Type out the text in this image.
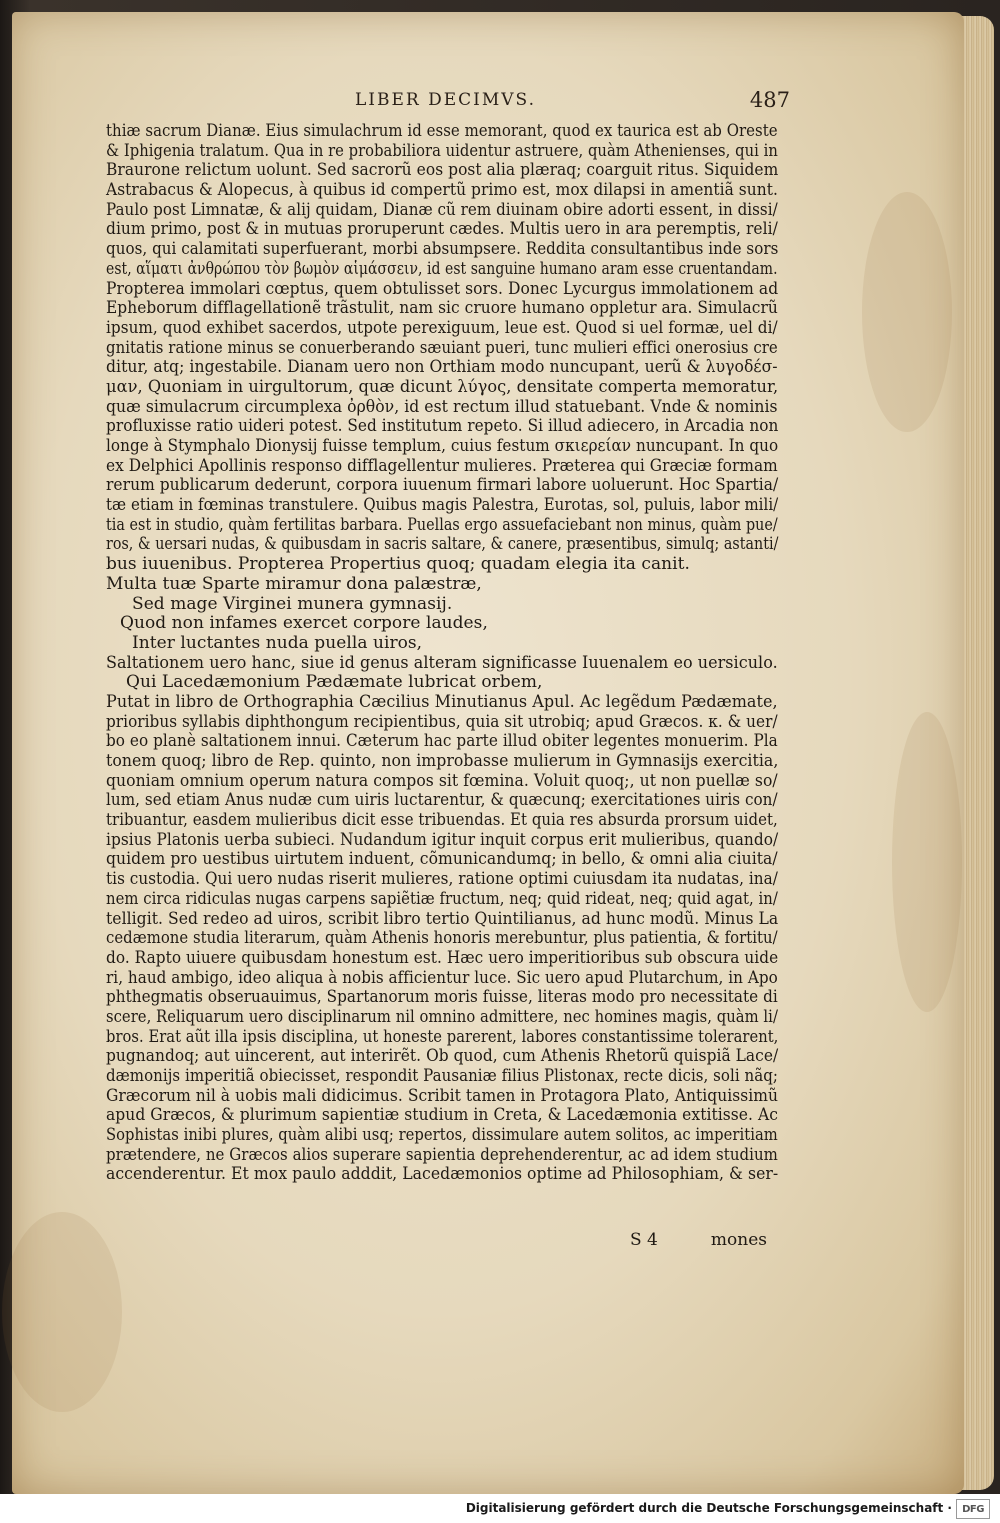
LIBER DECIMVS.	487
thiæ sacrum Dianæ. Eius simulachrum id esse memorant, quod ex taurica est ab Oreste
& Iphigenia tralatum. Qua in re probabiliora uidentur astruere, quàm Athenienses, qui in
Braurone relictum uolunt. Sed sacrorũ eos post alia plæraq; coarguit ritus. Siquidem
Astrabacus & Alopecus, à quibus id compertũ primo est, mox dilapsi in amentiã sunt.
Paulo post Limnatæ, & alij quidam, Dianæ cũ rem diuinam obire adorti essent, in dissi/
dium primo, post & in mutuas proruperunt cædes. Multis uero in ara peremptis, reli/
quos, qui calamitati superfuerant, morbi absumpsere. Reddita consultantibus inde sors
est, αἵματι ἀνθρώπου τὸν βωμὸν αἱμάσσειν, id est sanguine humano aram esse cruentandam.
Propterea immolari cœptus, quem obtulisset sors. Donec Lycurgus immolationem ad
Epheborum difflagellationẽ trãstulit, nam sic cruore humano oppletur ara. Simulacrũ
ipsum, quod exhibet sacerdos, utpote perexiguum, leue est. Quod si uel formæ, uel di/
gnitatis ratione minus se conuerberando sæuiant pueri, tunc mulieri effici onerosius cre
ditur, atq; ingestabile. Dianam uero non Orthiam modo nuncupant, uerũ & λυγοδέσ-
μαν, Quoniam in uirgultorum, quæ dicunt λύγος, densitate comperta memoratur,
quæ simulacrum circumplexa ὀρθὸν, id est rectum illud statuebant. Vnde & nominis
profluxisse ratio uideri potest. Sed institutum repeto. Si illud adiecero, in Arcadia non
longe à Stymphalo Dionysij fuisse templum, cuius festum σκιερείαν nuncupant. In quo
ex Delphici Apollinis responso difflagellentur mulieres. Præterea qui Græciæ formam
rerum publicarum dederunt, corpora iuuenum firmari labore uoluerunt. Hoc Spartia/
tæ etiam in fœminas transtulere. Quibus magis Palestra, Eurotas, sol, puluis, labor mili/
tia est in studio, quàm fertilitas barbara. Puellas ergo assuefaciebant non minus, quàm pue/
ros, & uersari nudas, & quibusdam in sacris saltare, & canere, præsentibus, simulq; astanti/
bus iuuenibus. Propterea Propertius quoq; quadam elegia ita canit.
Multa tuæ Sparte miramur dona palæstræ,
Sed mage Virginei munera gymnasij.
Quod non infames exercet corpore laudes,
Inter luctantes nuda puella uiros,
Saltationem uero hanc, siue id genus alteram significasse Iuuenalem eo uersiculo.
Qui Lacedæmonium Pædæmate lubricat orbem,
Putat in libro de Orthographia Cæcilius Minutianus Apul. Ac legẽdum Pædæmate,
prioribus syllabis diphthongum recipientibus, quia sit utrobiq; apud Græcos. κ. & uer/
bo eo planè saltationem innui. Cæterum hac parte illud obiter legentes monuerim. Pla
tonem quoq; libro de Rep. quinto, non improbasse mulierum in Gymnasijs exercitia,
quoniam omnium operum natura compos sit fœmina. Voluit quoq;, ut non puellæ so/
lum, sed etiam Anus nudæ cum uiris luctarentur, & quæcunq; exercitationes uiris con/
tribuantur, easdem mulieribus dicit esse tribuendas. Et quia res absurda prorsum uidet,
ipsius Platonis uerba subieci. Nudandum igitur inquit corpus erit mulieribus, quando/
quidem pro uestibus uirtutem induent, cõmunicandumq; in bello, & omni alia ciuita/
tis custodia. Qui uero nudas riserit mulieres, ratione optimi cuiusdam ita nudatas, ina/
nem circa ridiculas nugas carpens sapiẽtiæ fructum, neq; quid rideat, neq; quid agat, in/
telligit. Sed redeo ad uiros, scribit libro tertio Quintilianus, ad hunc modũ. Minus La
cedæmone studia literarum, quàm Athenis honoris merebuntur, plus patientia, & fortitu/
do. Rapto uiuere quibusdam honestum est. Hæc uero imperitioribus sub obscura uide
ri, haud ambigo, ideo aliqua à nobis afficientur luce. Sic uero apud Plutarchum, in Apo
phthegmatis obseruauimus, Spartanorum moris fuisse, literas modo pro necessitate di
scere, Reliquarum uero disciplinarum nil omnino admittere, nec homines magis, quàm li/
bros. Erat aũt illa ipsis disciplina, ut honeste parerent, labores constantissime tolerarent,
pugnandoq; aut uincerent, aut interirẽt. Ob quod, cum Athenis Rhetorũ quispiã Lace/
dæmonijs imperitiã obiecisset, respondit Pausaniæ filius Plistonax, recte dicis, soli nãq;
Græcorum nil à uobis mali didicimus. Scribit tamen in Protagora Plato, Antiquissimũ
apud Græcos, & plurimum sapientiæ studium in Creta, & Lacedæmonia extitisse. Ac
Sophistas inibi plures, quàm alibi usq; repertos, dissimulare autem solitos, ac imperitiam
prætendere, ne Græcos alios superare sapientia deprehenderentur, ac ad idem studium
accenderentur. Et mox paulo adddit, Lacedæmonios optime ad Philosophiam, & ser-
S 4	mones
Digitalisierung gefördert durch die Deutsche Forschungsgemeinschaft ·	DFG
